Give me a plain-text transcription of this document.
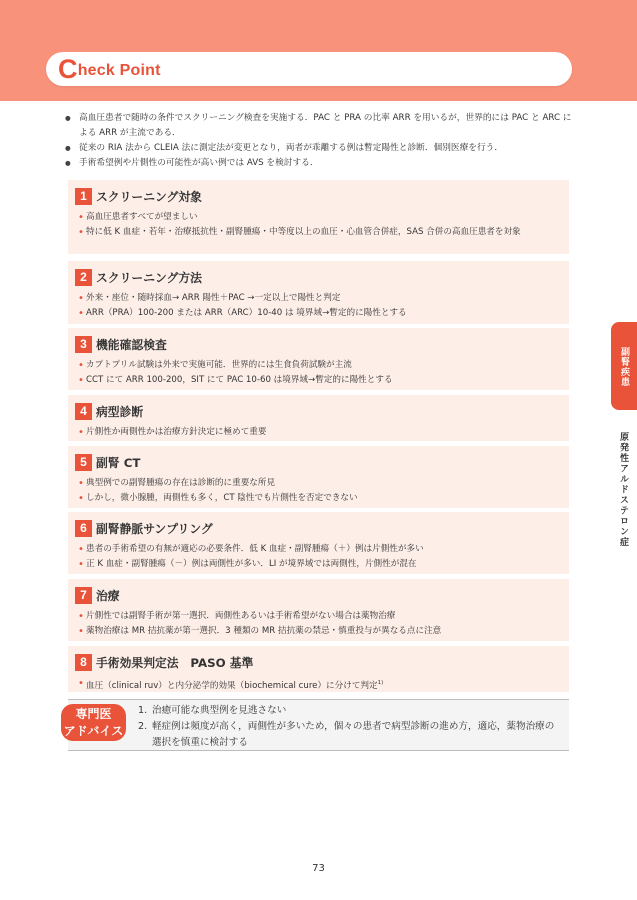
Check Point
● 高血圧患者で随時の条件でスクリーニング検査を実施する．PAC と PRA の比率 ARR を用いるが，世界的には PAC と ARC による ARR が主流である．
● 従来の RIA 法から CLEIA 法に測定法が変更となり，両者が乖離する例は暫定陽性と診断．個別医療を行う．
● 手術希望例や片側性の可能性が高い例では AVS を検討する．
1 スクリーニング対象
• 高血圧患者すべてが望ましい
• 特に低 K 血症・若年・治療抵抗性・副腎腫瘍・中等度以上の血圧・心血管合併症，SAS 合併の高血圧患者を対象
2 スクリーニング方法
• 外来・座位・随時採血→ ARR 陽性＋PAC →一定以上で陽性と判定
• ARR（PRA）100-200 または ARR（ARC）10-40 は 境界域→暫定的に陽性とする
3 機能確認検査
• カプトプリル試験は外来で実施可能．世界的には生食負荷試験が主流
• CCT にて ARR 100-200，SIT にて PAC 10-60 は境界域→暫定的に陽性とする
4 病型診断
• 片側性か両側性かは治療方針決定に極めて重要
5 副腎 CT
• 典型例での副腎腫瘍の存在は診断的に重要な所見
• しかし，微小腺腫，両側性も多く，CT 陰性でも片側性を否定できない
6 副腎静脈サンプリング
• 患者の手術希望の有無が適応の必要条件．低 K 血症・副腎腫瘍（＋）例は片側性が多い
• 正 K 血症・副腎腫瘍（－）例は両側性が多い．LI が境界域では両側性，片側性が混在
7 治療
• 片側性では副腎手術が第一選択．両側性あるいは手術希望がない場合は薬物治療
• 薬物治療は MR 拮抗薬が第一選択．3 種類の MR 拮抗薬の禁忌・慎重投与が異なる点に注意
8 手術効果判定法　PASO 基準
• 血圧（clinical ruv）と内分泌学的効果（biochemical cure）に分けて判定$^{1)}$
専門医
アドバイス
1. 治癒可能な典型例を見逃さない
2. 軽症例は頻度が高く，両側性が多いため，個々の患者で病型診断の進め方，適応，薬物治療の選択を慎重に検討する
副腎疾患
原発性アルドステロン症
73
